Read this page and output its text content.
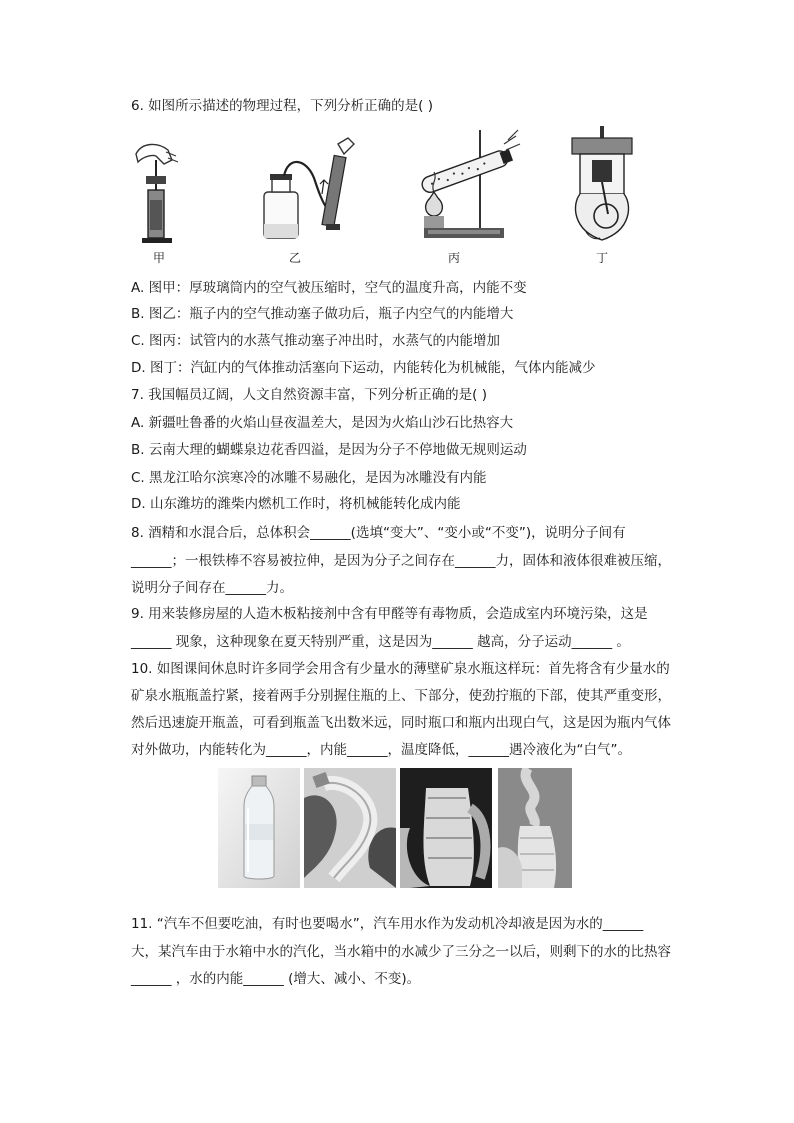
6. 如图所示描述的物理过程，下列分析正确的是( )
甲	乙	丙	丁
A. 图甲：厚玻璃筒内的空气被压缩时，空气的温度升高，内能不变
B. 图乙：瓶子内的空气推动塞子做功后，瓶子内空气的内能增大
C. 图丙：试管内的水蒸气推动塞子冲出时，水蒸气的内能增加
D. 图丁：汽缸内的气体推动活塞向下运动，内能转化为机械能，气体内能减少
7. 我国幅员辽阔，人文自然资源丰富，下列分析正确的是( )
A. 新疆吐鲁番的火焰山昼夜温差大，是因为火焰山沙石比热容大
B. 云南大理的蝴蝶泉边花香四溢，是因为分子不停地做无规则运动
C. 黑龙江哈尔滨寒冷的冰雕不易融化，是因为冰雕没有内能
D. 山东潍坊的潍柴内燃机工作时，将机械能转化成内能
8. 酒精和水混合后，总体积会______(选填“变大”、“变小或“不变”)，说明分子间有
______；一根铁棒不容易被拉伸，是因为分子之间存在______力，固体和液体很难被压缩，
说明分子间存在______力。
9. 用来装修房屋的人造木板粘接剂中含有甲醛等有毒物质，会造成室内环境污染，这是
______ 现象，这种现象在夏天特别严重，这是因为______ 越高，分子运动______ 。
10. 如图课间休息时许多同学会用含有少量水的薄壁矿泉水瓶这样玩：首先将含有少量水的
矿泉水瓶瓶盖拧紧，接着两手分别握住瓶的上、下部分，使劲拧瓶的下部，使其严重变形，
然后迅速旋开瓶盖，可看到瓶盖飞出数米远，同时瓶口和瓶内出现白气，这是因为瓶内气体
对外做功，内能转化为______，内能______，温度降低，______遇冷液化为“白气”。
11. “汽车不但要吃油，有时也要喝水”，汽车用水作为发动机冷却液是因为水的______
大，某汽车由于水箱中水的汽化，当水箱中的水减少了三分之一以后，则剩下的水的比热容
______ ，水的内能______ (增大、减小、不变)。
